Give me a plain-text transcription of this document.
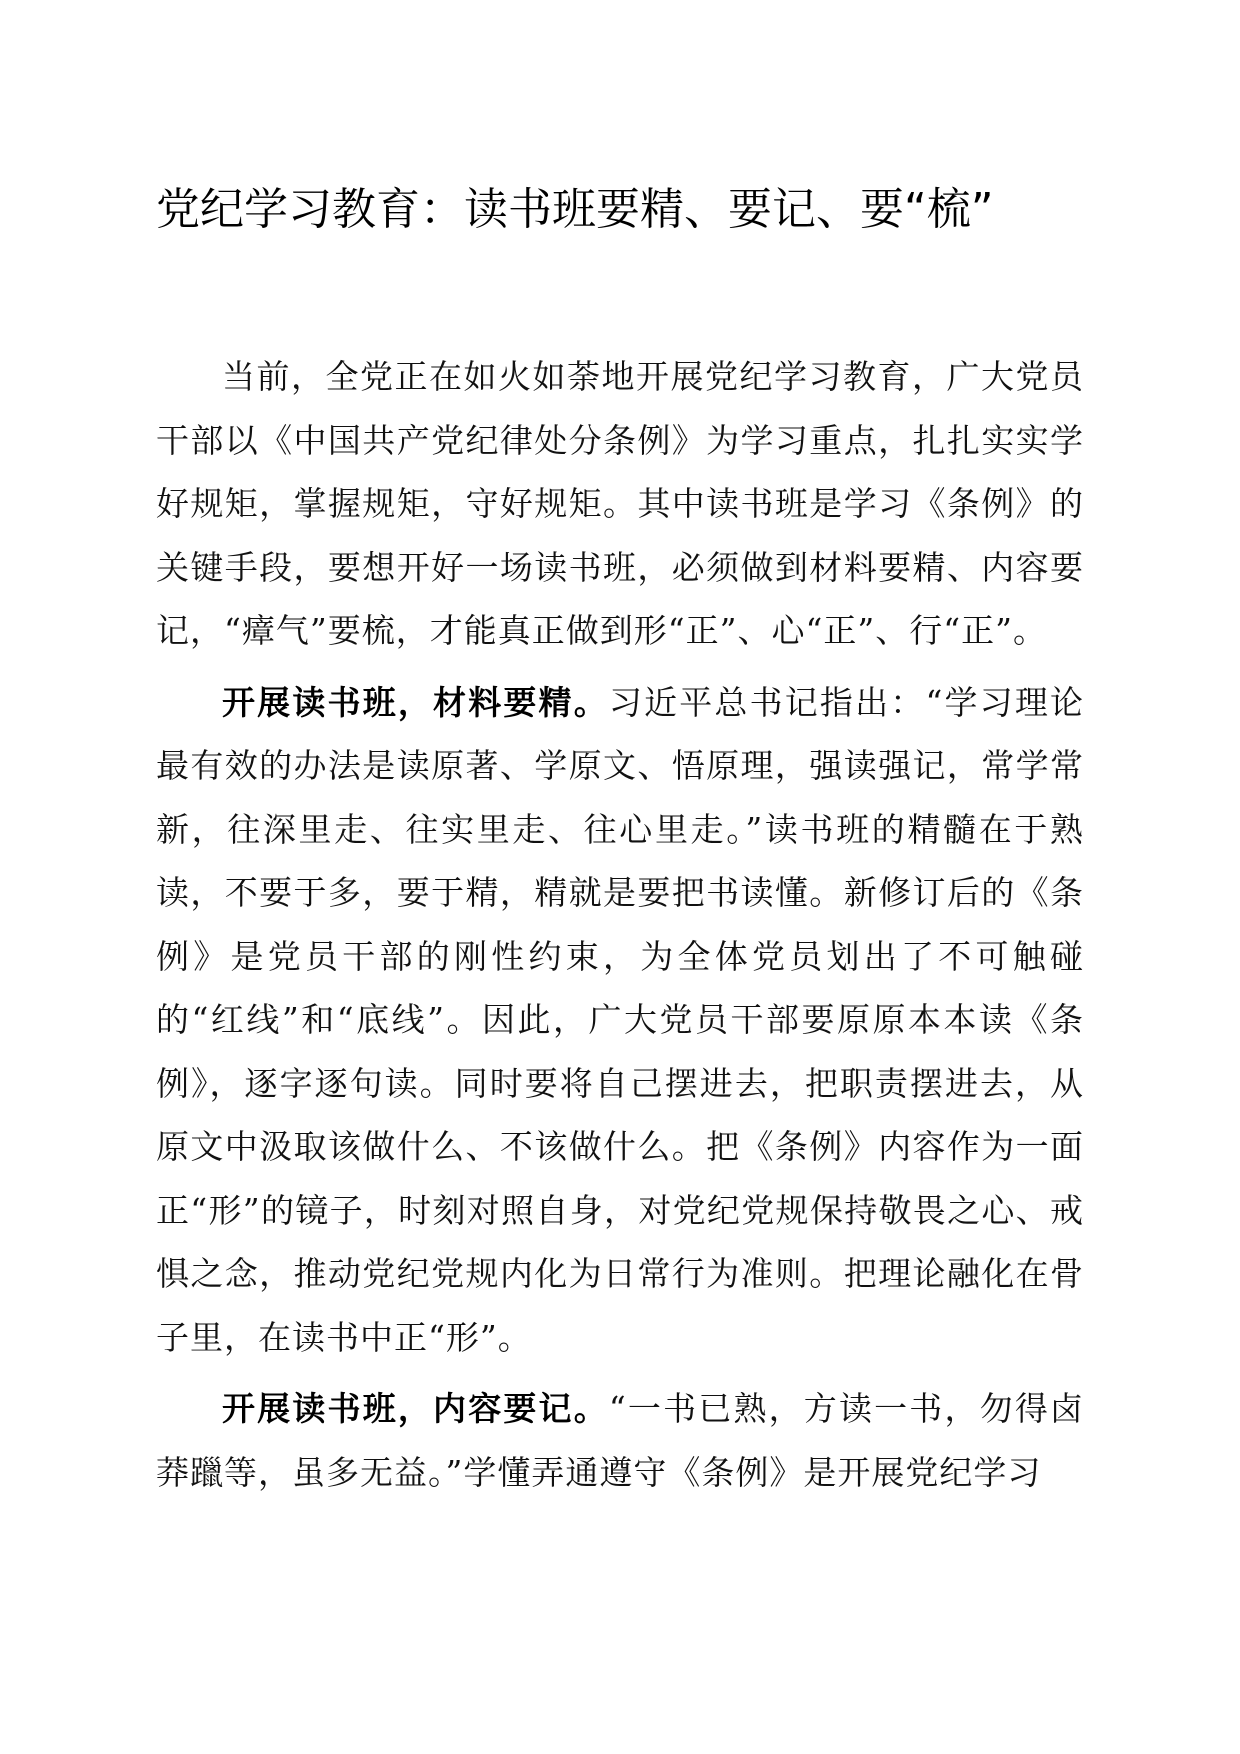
党纪学习教育：读书班要精、要记、要“梳”

当前，全党正在如火如荼地开展党纪学习教育，广大党员干部以《中国共产党纪律处分条例》为学习重点，扎扎实实学好规矩，掌握规矩，守好规矩。其中读书班是学习《条例》的关键手段，要想开好一场读书班，必须做到材料要精、内容要记，“瘴气”要梳，才能真正做到形“正”、心“正”、行“正”。

开展读书班，材料要精。习近平总书记指出：“学习理论最有效的办法是读原著、学原文、悟原理，强读强记，常学常新，往深里走、往实里走、往心里走。”读书班的精髓在于熟读，不要于多，要于精，精就是要把书读懂。新修订后的《条例》是党员干部的刚性约束，为全体党员划出了不可触碰的“红线”和“底线”。因此，广大党员干部要原原本本读《条例》，逐字逐句读。同时要将自己摆进去，把职责摆进去，从原文中汲取该做什么、不该做什么。把《条例》内容作为一面正“形”的镜子，时刻对照自身，对党纪党规保持敬畏之心、戒惧之念，推动党纪党规内化为日常行为准则。把理论融化在骨子里，在读书中正“形”。

开展读书班，内容要记。“一书已熟，方读一书，勿得卤莽躐等，虽多无益。”学懂弄通遵守《条例》是开展党纪学习
